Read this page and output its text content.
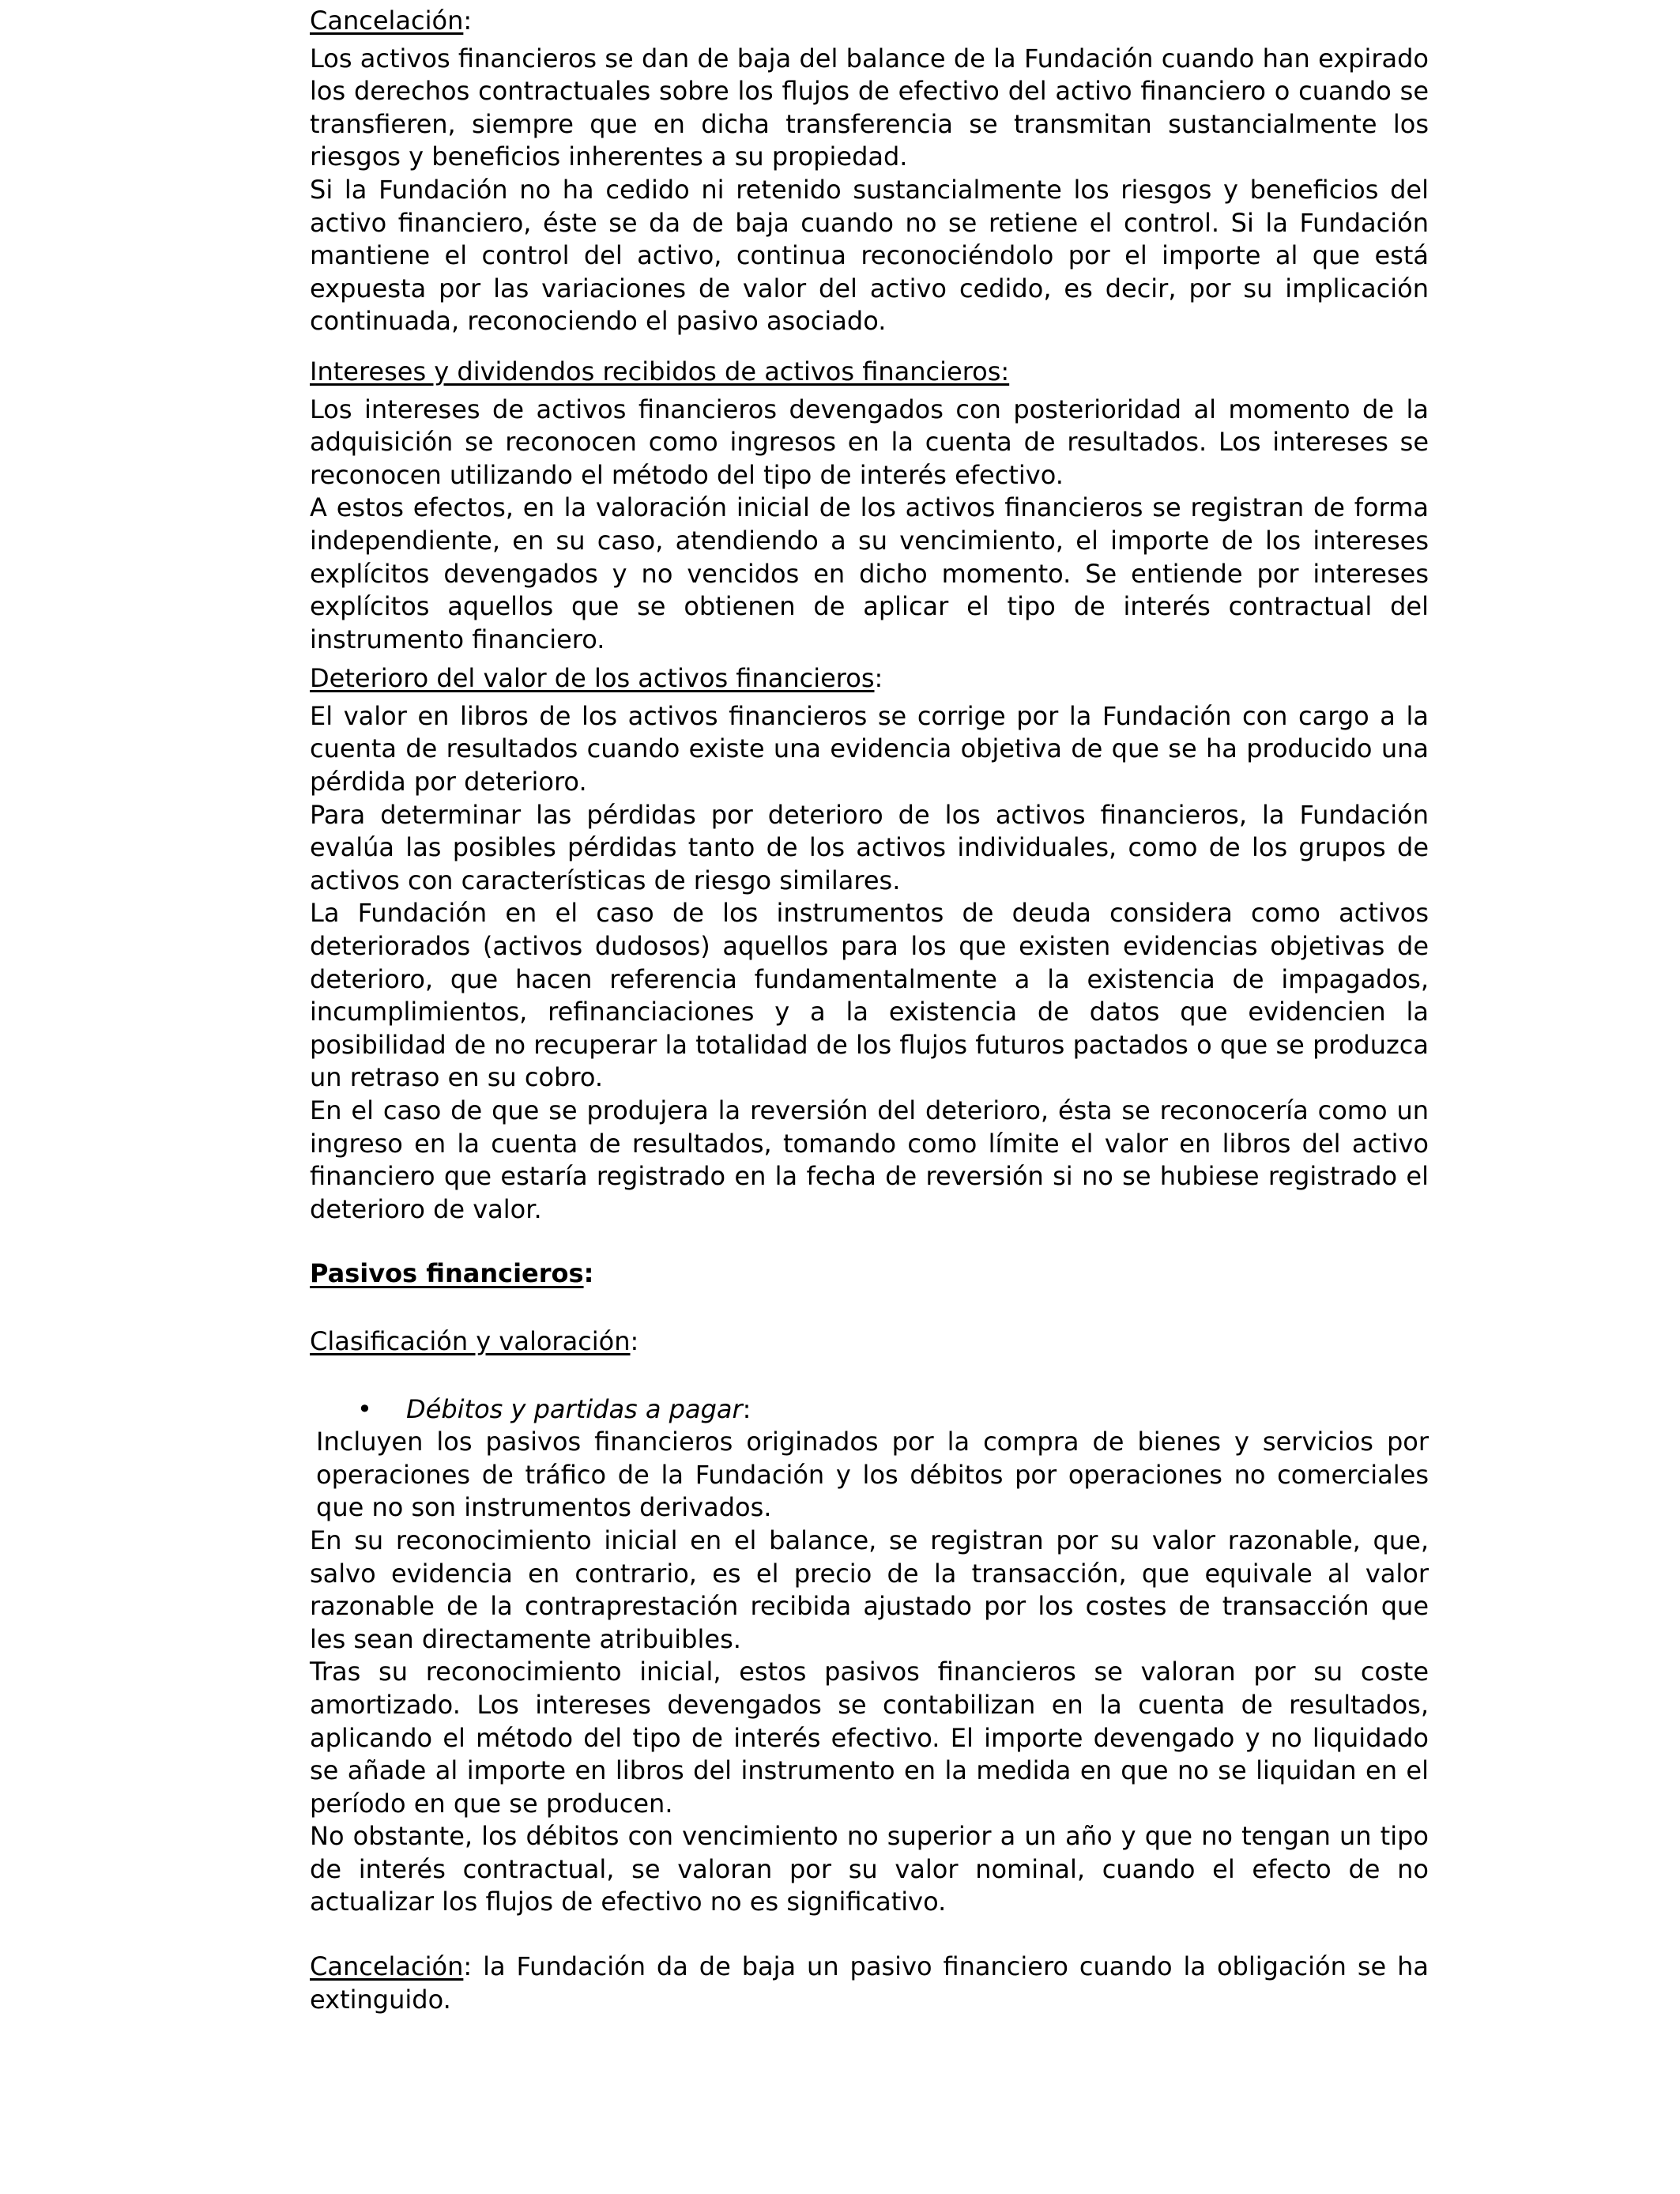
Cancelación:

Los activos financieros se dan de baja del balance de la Fundación cuando han expirado los derechos contractuales sobre los flujos de efectivo del activo financiero o cuando se transfieren, siempre que en dicha transferencia se transmitan sustancialmente los riesgos y beneficios inherentes a su propiedad.

Si la Fundación no ha cedido ni retenido sustancialmente los riesgos y beneficios del activo financiero, éste se da de baja cuando no se retiene el control. Si la Fundación mantiene el control del activo, continua reconociéndolo por el importe al que está expuesta por las variaciones de valor del activo cedido, es decir, por su implicación continuada, reconociendo el pasivo asociado.

Intereses y dividendos recibidos de activos financieros:

Los intereses de activos financieros devengados con posterioridad al momento de la adquisición se reconocen como ingresos en la cuenta de resultados. Los intereses se reconocen utilizando el método del tipo de interés efectivo.

A estos efectos, en la valoración inicial de los activos financieros se registran de forma independiente, en su caso, atendiendo a su vencimiento, el importe de los intereses explícitos devengados y no vencidos en dicho momento. Se entiende por intereses explícitos aquellos que se obtienen de aplicar el tipo de interés contractual del instrumento financiero.

Deterioro del valor de los activos financieros:

El valor en libros de los activos financieros se corrige por la Fundación con cargo a la cuenta de resultados cuando existe una evidencia objetiva de que se ha producido una pérdida por deterioro.

Para determinar las pérdidas por deterioro de los activos financieros, la Fundación evalúa las posibles pérdidas tanto de los activos individuales, como de los grupos de activos con características de riesgo similares.

La Fundación en el caso de los instrumentos de deuda considera como activos deteriorados (activos dudosos) aquellos para los que existen evidencias objetivas de deterioro, que hacen referencia fundamentalmente a la existencia de impagados, incumplimientos, refinanciaciones y a la existencia de datos que evidencien la posibilidad de no recuperar la totalidad de los flujos futuros pactados o que se produzca un retraso en su cobro.

En el caso de que se produjera la reversión del deterioro, ésta se reconocería como un ingreso en la cuenta de resultados, tomando como límite el valor en libros del activo financiero que estaría registrado en la fecha de reversión si no se hubiese registrado el deterioro de valor.

Pasivos financieros:
Clasificación y valoración:
• Débitos y partidas a pagar:

Incluyen los pasivos financieros originados por la compra de bienes y servicios por operaciones de tráfico de la Fundación y los débitos por operaciones no comerciales que no son instrumentos derivados.

En su reconocimiento inicial en el balance, se registran por su valor razonable, que, salvo evidencia en contrario, es el precio de la transacción, que equivale al valor razonable de la contraprestación recibida ajustado por los costes de transacción que les sean directamente atribuibles.

Tras su reconocimiento inicial, estos pasivos financieros se valoran por su coste amortizado. Los intereses devengados se contabilizan en la cuenta de resultados, aplicando el método del tipo de interés efectivo. El importe devengado y no liquidado se añade al importe en libros del instrumento en la medida en que no se liquidan en el período en que se producen.

No obstante, los débitos con vencimiento no superior a un año y que no tengan un tipo de interés contractual, se valoran por su valor nominal, cuando el efecto de no actualizar los flujos de efectivo no es significativo.

Cancelación: la Fundación da de baja un pasivo financiero cuando la obligación se ha extinguido.
